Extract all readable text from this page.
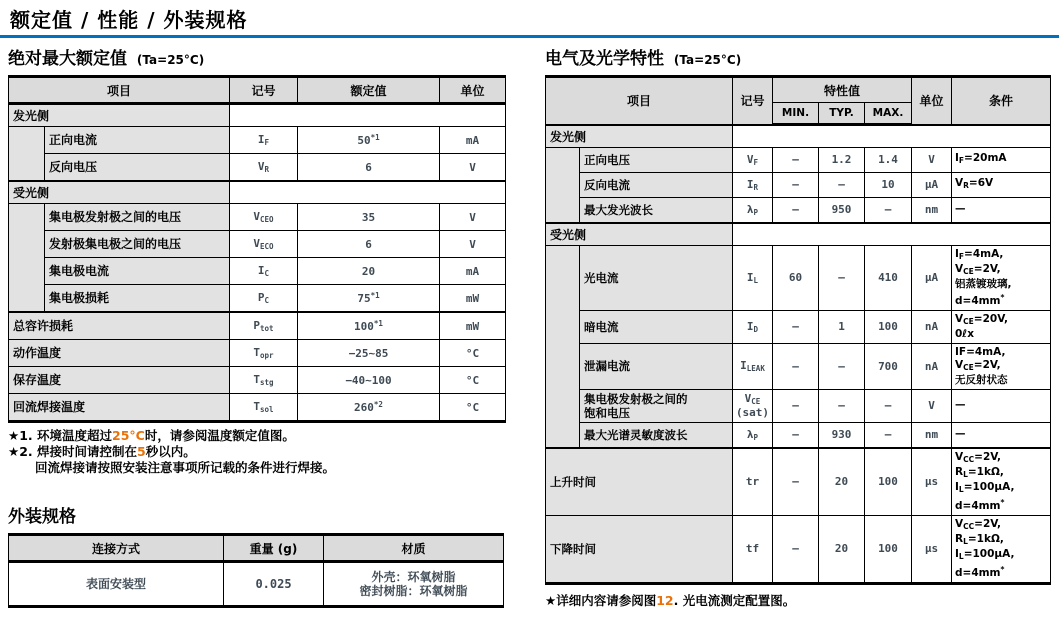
额定值 / 性能 / 外装规格
绝对最大额定值 (Ta=25°C)
项目		记号	额定值	单位
发光侧				
	正向电流	$I_F$	50$^{*1}$	mA
	反向电压	$V_R$	6	V
受光侧				
	集电极发射极之间的电压	$V_{CEO}$	35	V
	发射极集电极之间的电压	$V_{ECO}$	6	V
	集电极电流	$I_C$	20	mA
	集电极损耗	$P_C$	75$^{*1}$	mW
总容许损耗		$P_{tot}$	100$^{*1}$	mW
动作温度		$T_{opr}$	−25~85	°C
保存温度		$T_{stg}$	−40~100	°C
回流焊接温度		$T_{sol}$	260$^{*2}$	°C
★1. 环境温度超过25°C时，请参阅温度额定值图。
★2. 焊接时间请控制在5秒以内。
回流焊接请按照安装注意事项所记载的条件进行焊接。
外装规格
连接方式	重量 (g)	材质
表面安装型	0.025	外壳：环氧树脂
密封树脂：环氧树脂
电气及光学特性 (Ta=25°C)
项目		记号	特性值			单位	条件
			MIN.	TYP.	MAX.		
发光侧							
	正向电压	$V_F$	—	1.2	1.4	V	$I_F=20mA$
	反向电流	$I_R$	—	—	10	μA	$V_R=6V$
	最大发光波长	$\lambda_P$	—	950	—	nm	—
受光侧							
	光电流	$I_L$	60	—	410	μA	$I_F=4mA$,
$V_{CE}=2V$,
铝蒸镀玻璃,
d=4mm*
	暗电流	$I_D$	—	1	100	nA	$V_{CE}=20V$,
0ℓx
	泄漏电流	$I_{LEAK}$	—	—	700	nA	IF=4mA,
$V_{CE}=2V$,
无反射状态
	集电极发射极之间的
饱和电压	$V_{CE}$
(sat)	—	—	—	V	—
	最大光谱灵敏度波长	$\lambda_P$	—	930	—	nm	—
上升时间		tr	—	20	100	μs	$V_{CC}=2V$,
$R_L=1k\Omega$,
$I_L=100\mu A$,
d=4mm*
下降时间		tf	—	20	100	μs	$V_{CC}=2V$,
$R_L=1k\Omega$,
$I_L=100\mu A$,
d=4mm*
★详细内容请参阅图12. 光电流测定配置图。
